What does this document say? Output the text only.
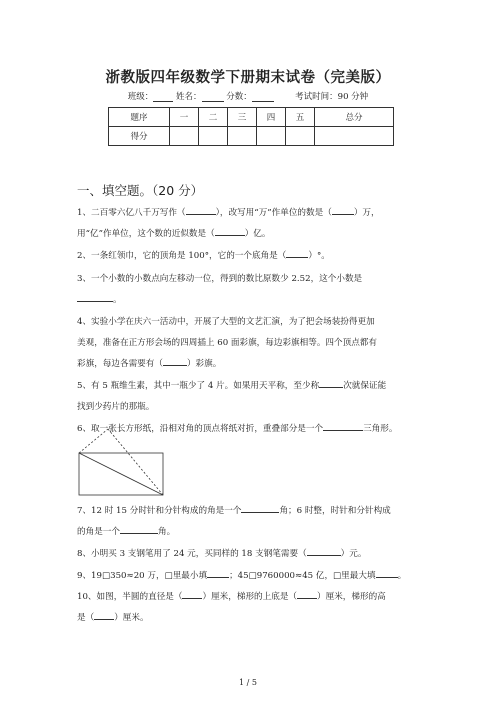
浙教版四年级数学下册期末试卷（完美版）
班级：	姓名：	分数：	考试时间：90 分钟
题序	一	二	三	四	五	总分
得分						
一、填空题。（20 分）
1、二百零六亿八千万写作（	），改写用“万”作单位的数是（	）万，
用“亿”作单位，这个数的近似数是（	）亿。
2、一条红领巾，它的顶角是 100°，它的一个底角是（	）°。
3、一个小数的小数点向左移动一位，得到的数比原数少 2.52，这个小数是
。
4、实验小学在庆六一活动中，开展了大型的文艺汇演，为了把会场装扮得更加
美观，准备在正方形会场的四周插上 60 面彩旗，每边彩旗相等。四个顶点都有
彩旗，每边各需要有（	）彩旗。
5、有 5 瓶维生素，其中一瓶少了 4 片。如果用天平称，至少称	次就保证能
找到少药片的那瓶。
6、取一张长方形纸，沿相对角的顶点将纸对折，重叠部分是一个	三角形。
7、12 时 15 分时针和分针构成的角是一个	角；6 时整，时针和分针构成
的角是一个	角。
8、小明买 3 支钢笔用了 24 元，买同样的 18 支钢笔需要（	）元。
9、19□350≈20 万，□里最小填	；45□9760000≈45 亿，□里最大填	。
10、如图，半圆的直径是（ ）厘米，梯形的上底是（ ）厘米，梯形的高
是（ ）厘米。
1 / 5
